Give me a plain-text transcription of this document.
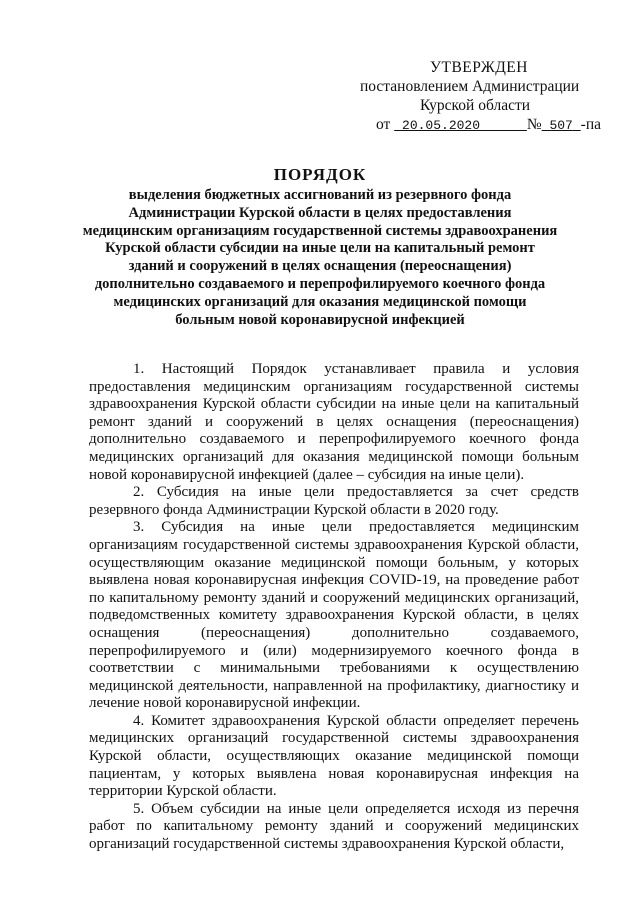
УТВЕРЖДЕН
постановлением Администрации
Курской области
от 20.05.2020	№ 507 -па
ПОРЯДОК

выделения бюджетных ассигнований из резервного фонда

Администрации Курской области в целях предоставления

медицинским организациям государственной системы здравоохранения

Курской области субсидии на иные цели на капитальный ремонт

зданий и сооружений в целях оснащения (переоснащения)

дополнительно создаваемого и перепрофилируемого коечного фонда

медицинских организаций для оказания медицинской помощи

больным новой коронавирусной инфекцией

1. Настоящий Порядок устанавливает правила и условия предоставления медицинским организациям государственной системы здравоохранения Курской области субсидии на иные цели на капитальный ремонт зданий и сооружений в целях оснащения (переоснащения) дополнительно создаваемого и перепрофилируемого коечного фонда медицинских организаций для оказания медицинской помощи больным новой коронавирусной инфекцией (далее – субсидия на иные цели).

2. Субсидия на иные цели предоставляется за счет средств резервного фонда Администрации Курской области в 2020 году.

3. Субсидия на иные цели предоставляется медицинским организациям государственной системы здравоохранения Курской области, осуществляющим оказание медицинской помощи больным, у которых выявлена новая коронавирусная инфекция COVID-19, на проведение работ по капитальному ремонту зданий и сооружений медицинских организаций, подведомственных комитету здравоохранения Курской области, в целях оснащения (переоснащения) дополнительно создаваемого, перепрофилируемого и (или) модернизируемого коечного фонда в соответствии с минимальными требованиями к осуществлению медицинской деятельности, направленной на профилактику, диагностику и лечение новой коронавирусной инфекции.

4. Комитет здравоохранения Курской области определяет перечень медицинских организаций государственной системы здравоохранения Курской области, осуществляющих оказание медицинской помощи пациентам, у которых выявлена новая коронавирусная инфекция на территории Курской области.

5. Объем субсидии на иные цели определяется исходя из перечня работ по капитальному ремонту зданий и сооружений медицинских организаций государственной системы здравоохранения Курской области,
